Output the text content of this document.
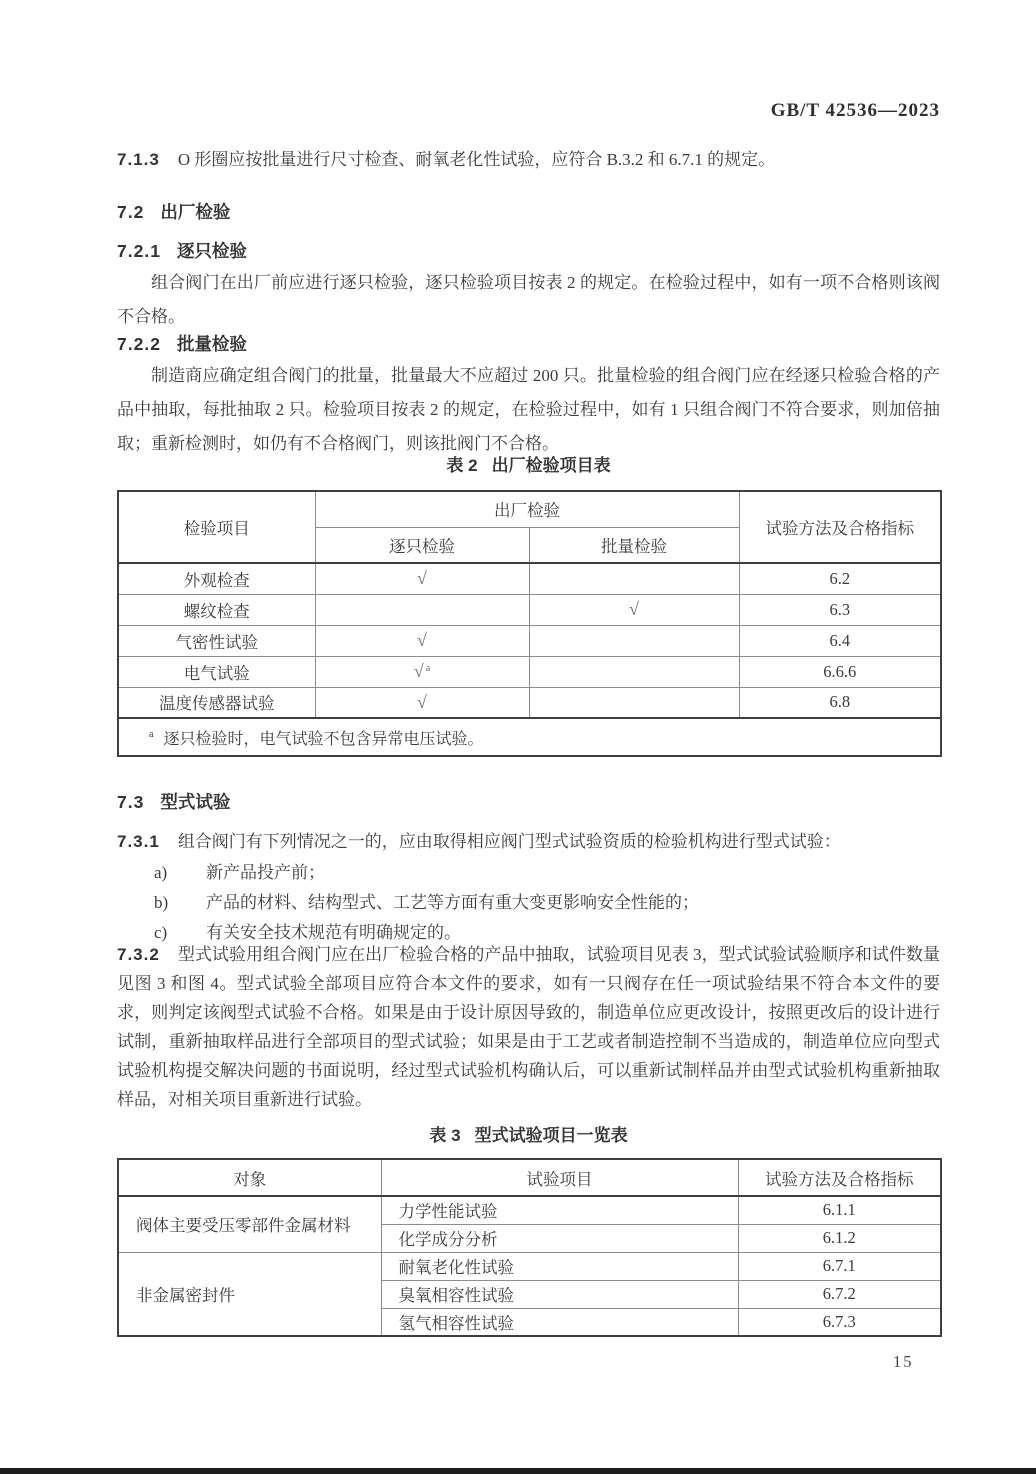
GB/T 42536—2023

7.1.3 O 形圈应按批量进行尺寸检查、耐氧老化性试验，应符合 B.3.2 和 6.7.1 的规定。

7.2 出厂检验
7.2.1 逐只检验

组合阀门在出厂前应进行逐只检验，逐只检验项目按表 2 的规定。在检验过程中，如有一项不合格则该阀不合格。

7.2.2 批量检验

制造商应确定组合阀门的批量，批量最大不应超过 200 只。批量检验的组合阀门应在经逐只检验合格的产品中抽取，每批抽取 2 只。检验项目按表 2 的规定，在检验过程中，如有 1 只组合阀门不符合要求，则加倍抽取；重新检测时，如仍有不合格阀门，则该批阀门不合格。

表 2 出厂检验项目表
检验项目	出厂检验		试验方法及合格指标
	逐只检验	批量检验	
外观检查	√		6.2
螺纹检查		√	6.3
气密性试验	√		6.4
电气试验	√ $^a$		6.6.6
温度传感器试验	√		6.8
$^a$ 逐只检验时，电气试验不包含异常电压试验。			
7.3 型式试验

7.3.1 组合阀门有下列情况之一的，应由取得相应阀门型式试验资质的检验机构进行型式试验：

a) 新产品投产前；
b) 产品的材料、结构型式、工艺等方面有重大变更影响安全性能的；
c) 有关安全技术规范有明确规定的。

7.3.2 型式试验用组合阀门应在出厂检验合格的产品中抽取，试验项目见表 3，型式试验试验顺序和试件数量见图 3 和图 4。型式试验全部项目应符合本文件的要求，如有一只阀存在任一项试验结果不符合本文件的要求，则判定该阀型式试验不合格。如果是由于设计原因导致的，制造单位应更改设计，按照更改后的设计进行试制，重新抽取样品进行全部项目的型式试验；如果是由于工艺或者制造控制不当造成的，制造单位应向型式试验机构提交解决问题的书面说明，经过型式试验机构确认后，可以重新试制样品并由型式试验机构重新抽取样品，对相关项目重新进行试验。

表 3 型式试验项目一览表
对象	试验项目	试验方法及合格指标
阀体主要受压零部件金属材料	力学性能试验	6.1.1
	化学成分分析	6.1.2
非金属密封件	耐氧老化性试验	6.7.1
	臭氧相容性试验	6.7.2
	氢气相容性试验	6.7.3
15
